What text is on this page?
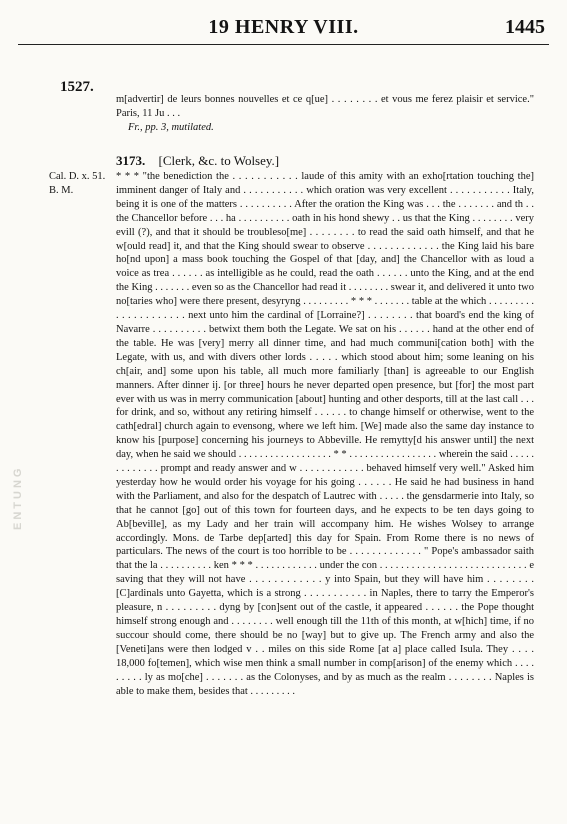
19 HENRY VIII.	1445
1527.

m[advertir] de leurs bonnes nouvelles et ce q[ue] . . . . . . . . et vous me ferez plaisir et service." Paris, 11 Ju . . .

Fr., pp. 3, mutilated.

3173. [Clerk, &c. to Wolsey.]
Cal. D. x. 51.
B. M.
ENTUNG

* * * "the benediction the . . . . . . . . . . . laude of this amity with an exho[rtation touching the] imminent danger of Italy and . . . . . . . . . . . which oration was very excellent . . . . . . . . . . . Italy, being it is one of the matters . . . . . . . . . . After the oration the King was . . . the . . . . . . . and th . . the Chancellor before . . . ha . . . . . . . . . . oath in his hond shewy . . us that the King . . . . . . . . very evill (?), and that it should be troubleso[me] . . . . . . . . to read the said oath himself, and that he w[ould read] it, and that the King should swear to observe . . . . . . . . . . . . . the King laid his bare ho[nd upon] a mass book touching the Gospel of that [day, and] the Chancellor with as loud a voice as trea . . . . . . as intelligible as he could, read the oath . . . . . . unto the King, and at the end the King . . . . . . . even so as the Chancellor had read it . . . . . . . . swear it, and delivered it unto two no[taries who] were there present, desyryng . . . . . . . . . * * * . . . . . . . table at the which . . . . . . . . . . . . . . . . . . . . . next unto him the cardinal of [Lorraine?] . . . . . . . . that board's end the king of Navarre . . . . . . . . . . betwixt them both the Legate. We sat on his . . . . . . hand at the other end of the table. He was [very] merry all dinner time, and had much communi[cation both] with the Legate, with us, and with divers other lords . . . . . which stood about him; some leaning on his ch[air, and] some upon his table, all much more familiarly [than] is agreeable to our English manners. After dinner ij. [or three] hours he never departed open presence, but [for] the most part ever with us was in merry communication [about] hunting and other desports, till at the last call . . . for drink, and so, without any retiring himself . . . . . . to change himself or otherwise, went to the cath[edral] church again to evensong, where we left him. [We] made also the same day instance to know his [purpose] concerning his journeys to Abbeville. He remytty[d his answer until] the next day, when he said we should . . . . . . . . . . . . . . . . . . * * . . . . . . . . . . . . . . . . . wherein the said . . . . . . . . . . . . . prompt and ready answer and w . . . . . . . . . . . . behaved himself very well." Asked him yesterday how he would order his voyage for his going . . . . . . He said he had business in hand with the Parliament, and also for the despatch of Lautrec with . . . . . the gensdarmerie into Italy, so that he cannot [go] out of this town for fourteen days, and he expects to be ten days going to Ab[beville], as my Lady and her train will accompany him. He wishes Wolsey to arrange accordingly. Mons. de Tarbe dep[arted] this day for Spain. From Rome there is no news of particulars. The news of the court is too horrible to be . . . . . . . . . . . . . " Pope's ambassador saith that the la . . . . . . . . . . ken * * * . . . . . . . . . . . . under the con . . . . . . . . . . . . . . . . . . . . . . . . . . . . e saving that they will not have . . . . . . . . . . . . y into Spain, but they will have him . . . . . . . . [C]ardinals unto Gayetta, which is a strong . . . . . . . . . . . in Naples, there to tarry the Emperor's pleasure, n . . . . . . . . . dyng by [con]sent out of the castle, it appeared . . . . . . the Pope thought himself strong enough and . . . . . . . . well enough till the 11th of this month, at w[hich] time, if no succour should come, there should be no [way] but to give up. The French army and also the [Veneti]ans were then lodged v . . miles on this side Rome [at a] place called Isula. They . . . . 18,000 fo[temen], which wise men think a small number in comp[arison] of the enemy which . . . . . . . . . ly as mo[che] . . . . . . . as the Colonyses, and by as much as the realm . . . . . . . . Naples is able to make them, besides that . . . . . . . . .
